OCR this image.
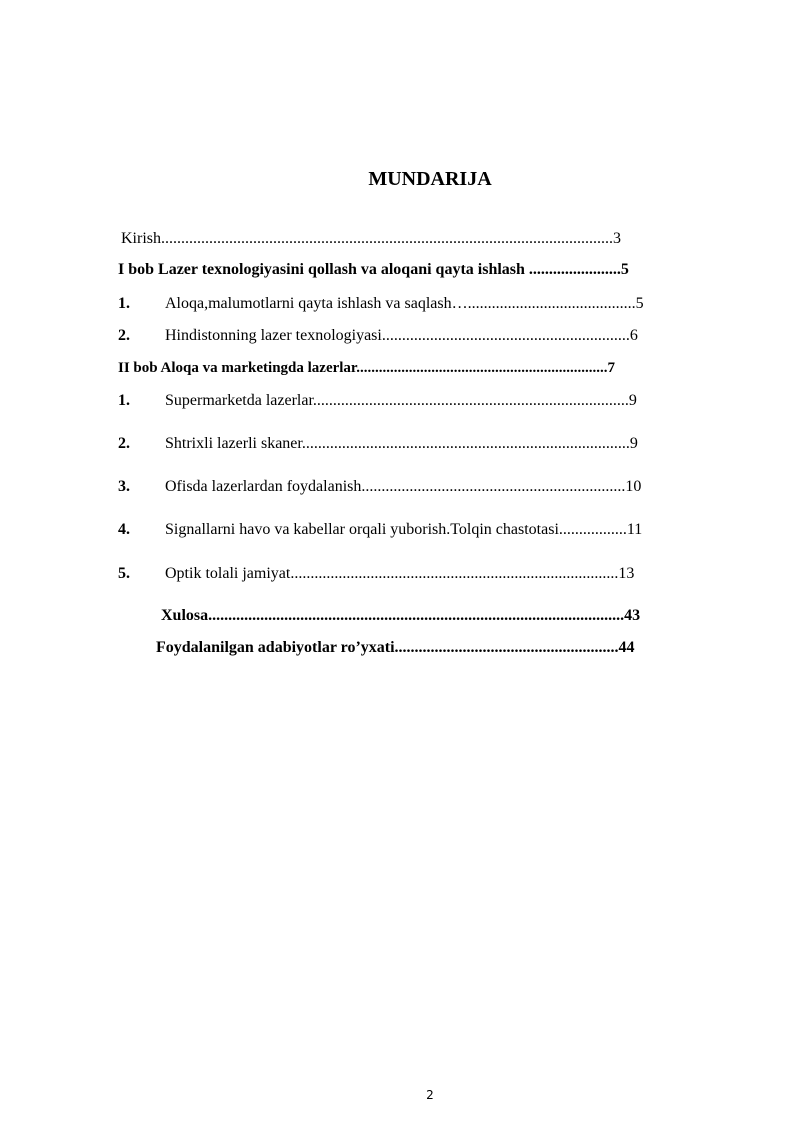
MUNDARIJA
Kirish.................................................................................................................3
I bob Lazer texnologiyasini qollash va aloqani qayta ishlash .......................5
1. Aloqa,malumotlarni qayta ishlash va saqlash…..........................................5
2. Hindistonning lazer texnologiyasi..............................................................6
II bob Aloqa va marketingda lazerlar...................................................................7
1. Supermarketda lazerlar...............................................................................9
2. Shtrixli lazerli skaner..................................................................................9
3. Ofisda lazerlardan foydalanish..................................................................10
4. Signallarni havo va kabellar orqali yuborish.Tolqin chastotasi.................11
5. Optik tolali jamiyat..................................................................................13
Xulosa........................................................................................................43
Foydalanilgan adabiyotlar ro’yxati........................................................44
2
